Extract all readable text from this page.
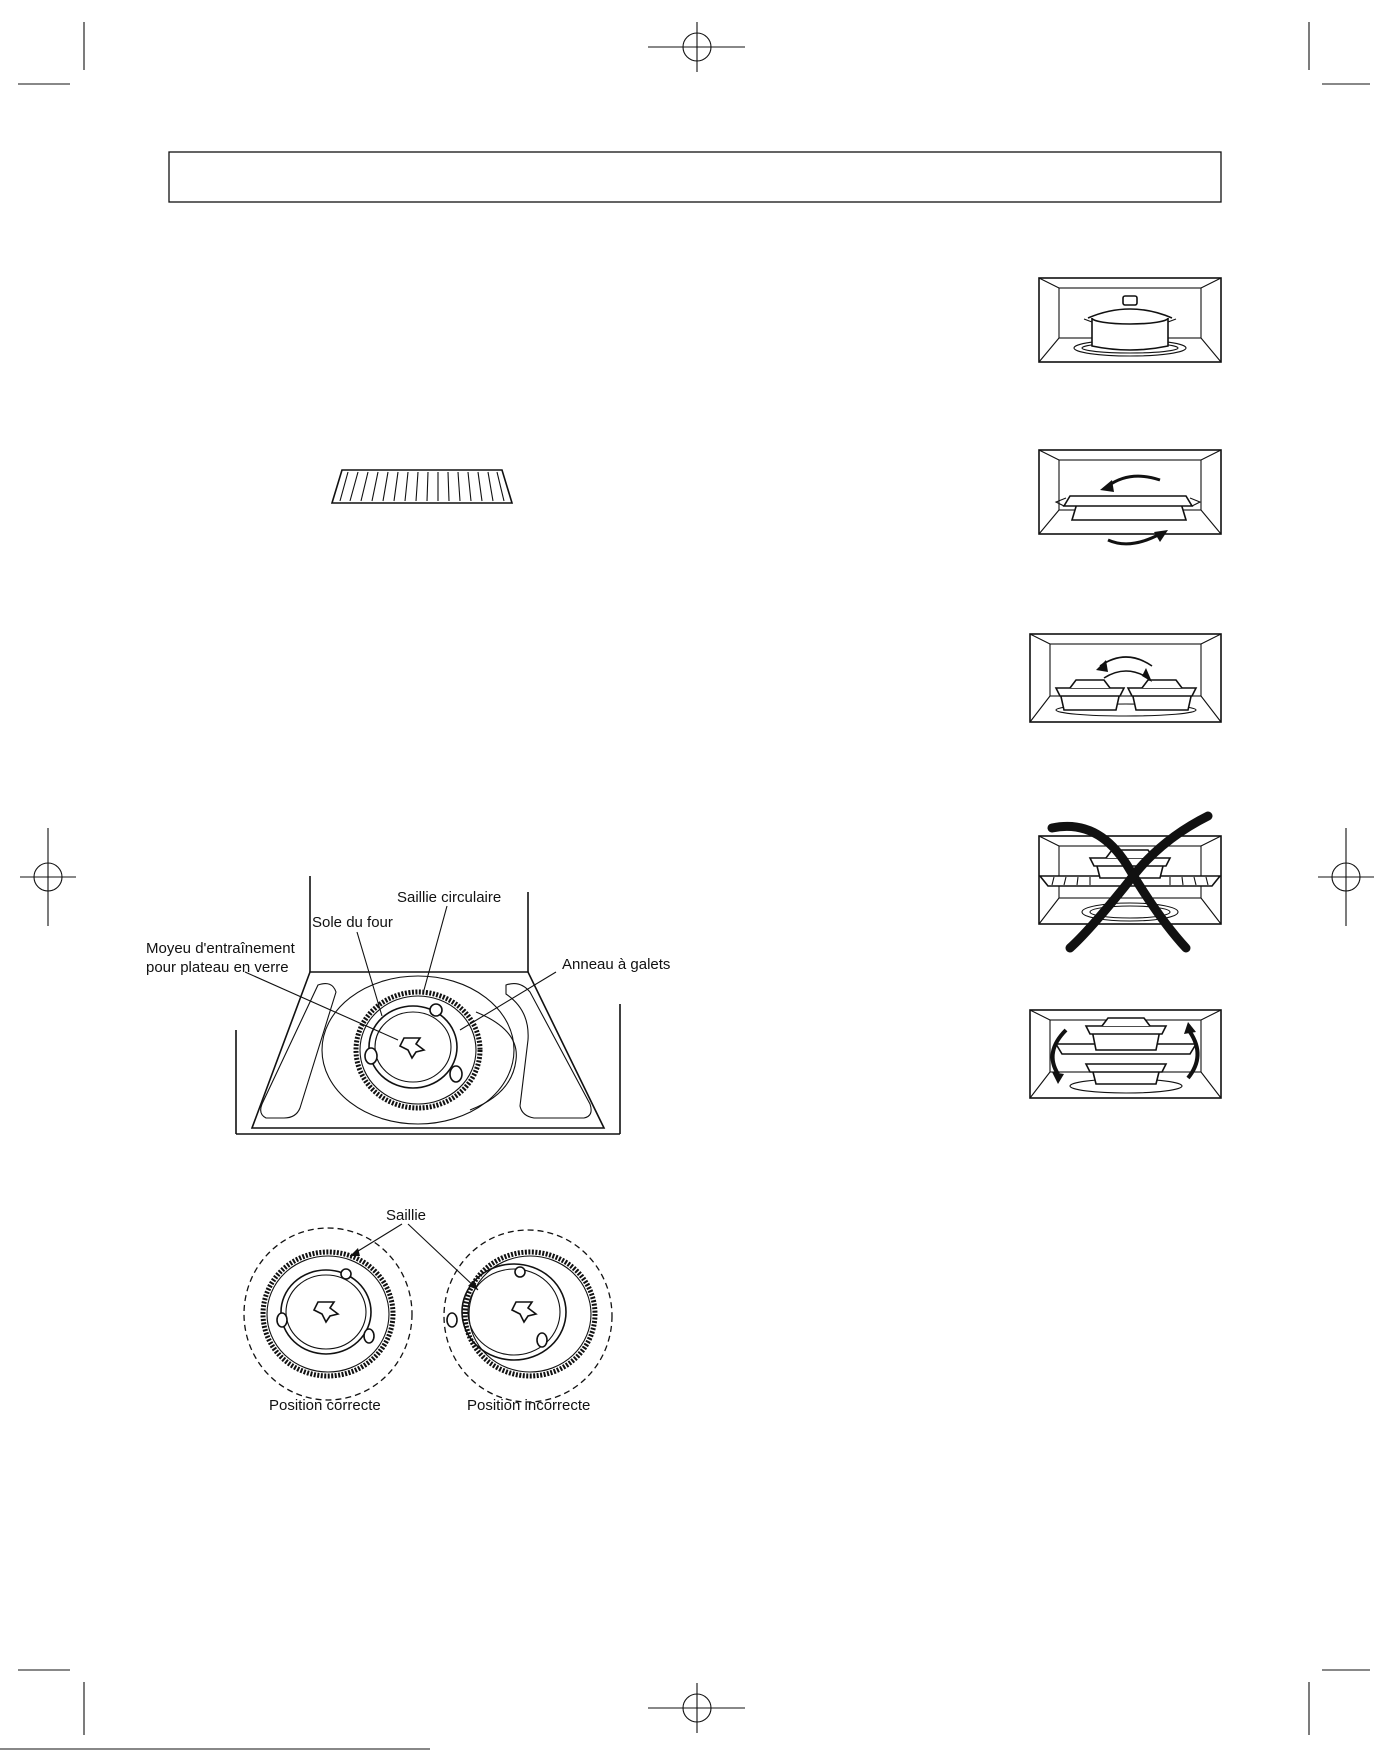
Saillie circulaire
Sole du four
Moyeu d'entraînement
pour plateau en verre	Anneau à galets
Saillie
Position correcte	Position incorrecte
